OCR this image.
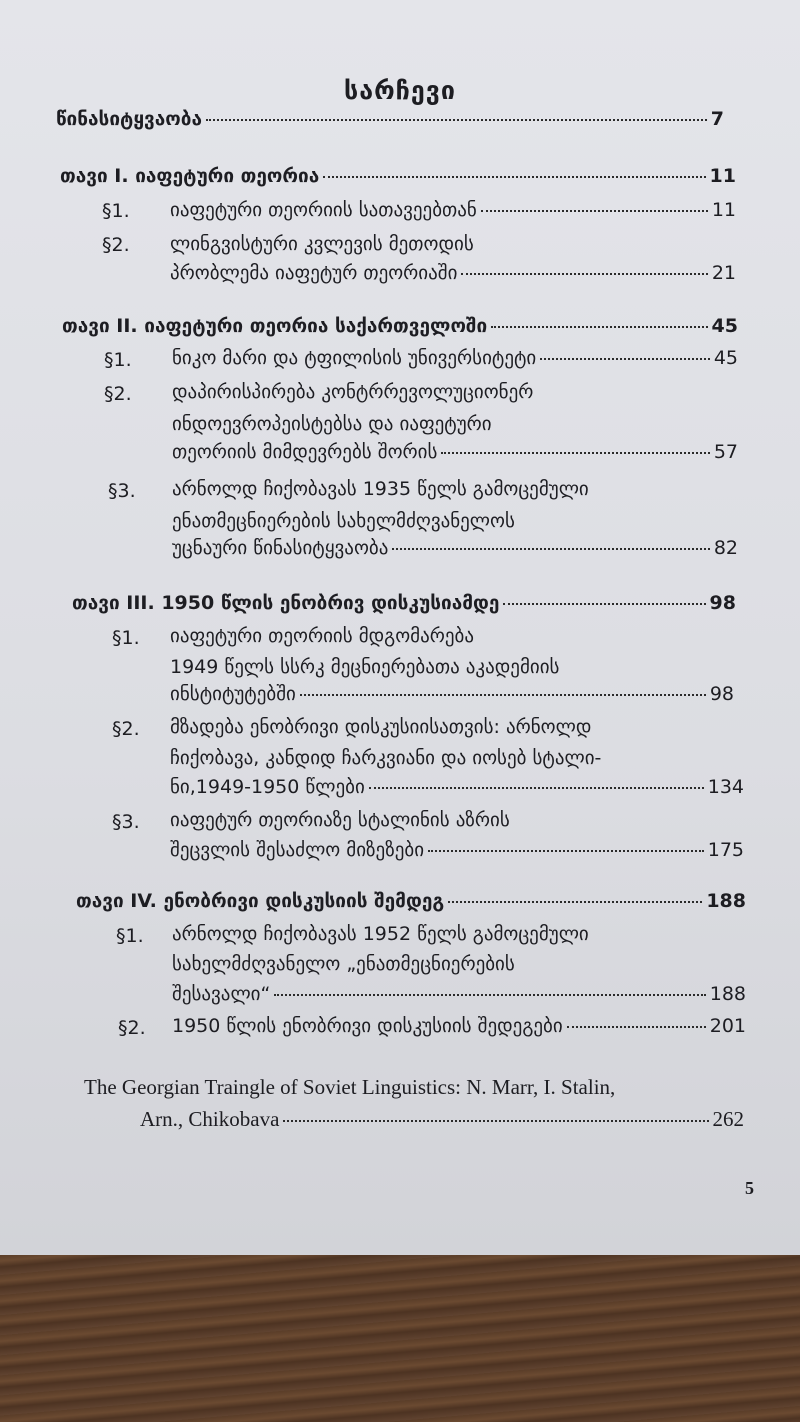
სარჩევი
წინასიტყვაობა	7
თავი I. იაფეტური თეორია	11
§1. იაფეტური თეორიის სათავეებთან	11
§2. ლინგვისტური კვლევის მეთოდის
პრობლემა იაფეტურ თეორიაში	21
თავი II. იაფეტური თეორია საქართველოში	45
§1. ნიკო მარი და ტფილისის უნივერსიტეტი	45
§2. დაპირისპირება კონტრრევოლუციონერ
ინდოევროპეისტებსა და იაფეტური
თეორიის მიმდევრებს შორის	57
§3. არნოლდ ჩიქობავას 1935 წელს გამოცემული
ენათმეცნიერების სახელმძღვანელოს
უცნაური წინასიტყვაობა	82
თავი III. 1950 წლის ენობრივ დისკუსიამდე	98
§1. იაფეტური თეორიის მდგომარება
1949 წელს სსრკ მეცნიერებათა აკადემიის
ინსტიტუტებში	98
§2. მზადება ენობრივი დისკუსიისათვის: არნოლდ
ჩიქობავა, კანდიდ ჩარკვიანი და იოსებ სტალი-
ნი,1949-1950 წლები	134
§3. იაფეტურ თეორიაზე სტალინის აზრის
შეცვლის შესაძლო მიზეზები	175
თავი IV. ენობრივი დისკუსიის შემდეგ	188
§1. არნოლდ ჩიქობავას 1952 წელს გამოცემული
სახელმძღვანელო „ენათმეცნიერების
შესავალი“	188
§2. 1950 წლის ენობრივი დისკუსიის შედეგები	201
The Georgian Traingle of Soviet Linguistics: N. Marr, I. Stalin,
Arn., Chikobava	262
5
